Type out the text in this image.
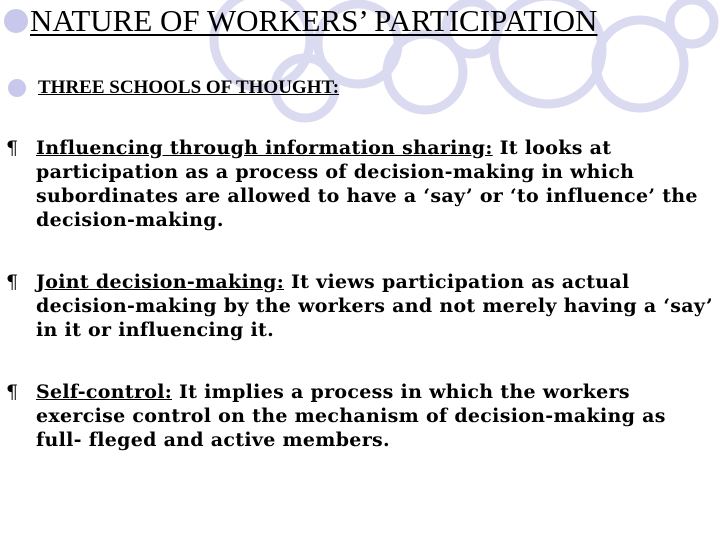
NATURE OF WORKERS’ PARTICIPATION
THREE SCHOOLS OF THOUGHT:
¶ Influencing through information sharing: It looks at participation as a process of decision-making in which subordinates are allowed to have a ‘say’ or ‘to influence’ the decision-making.
¶ Joint decision-making: It views participation as actual decision-making by the workers and not merely having a ‘say’ in it or influencing it.
¶ Self-control: It implies a process in which the workers exercise control on the mechanism of decision-making as full- fleged and active members.
